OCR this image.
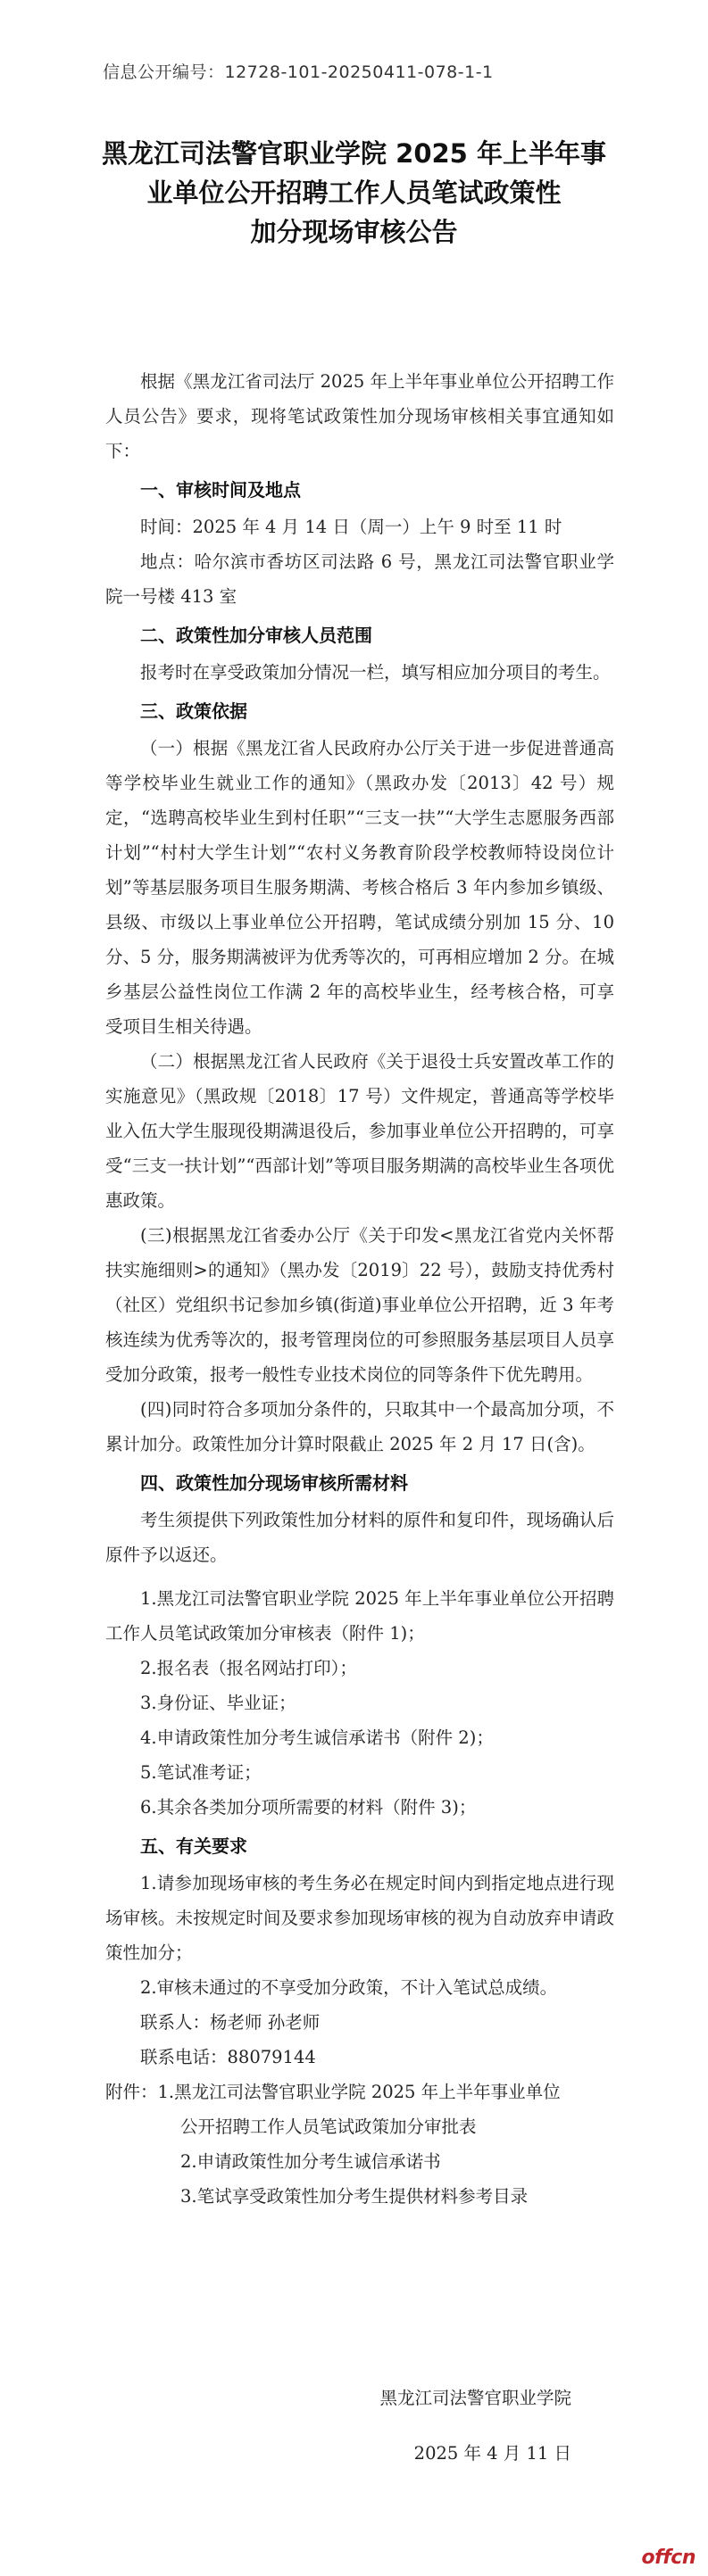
信息公开编号：12728-101-20250411-078-1-1
黑龙江司法警官职业学院 2025 年上半年事
业单位公开招聘工作人员笔试政策性
加分现场审核公告

根据《黑龙江省司法厅 2025 年上半年事业单位公开招聘工作人员公告》要求，现将笔试政策性加分现场审核相关事宜通知如下：

一、审核时间及地点

时间：2025 年 4 月 14 日（周一）上午 9 时至 11 时

地点：哈尔滨市香坊区司法路 6 号，黑龙江司法警官职业学院一号楼 413 室

二、政策性加分审核人员范围

报考时在享受政策加分情况一栏，填写相应加分项目的考生。

三、政策依据

（一）根据《黑龙江省人民政府办公厅关于进一步促进普通高等学校毕业生就业工作的通知》（黑政办发〔2013〕42 号）规定，“选聘高校毕业生到村任职”“三支一扶”“大学生志愿服务西部计划”“村村大学生计划”“农村义务教育阶段学校教师特设岗位计划”等基层服务项目生服务期满、考核合格后 3 年内参加乡镇级、县级、市级以上事业单位公开招聘，笔试成绩分别加 15 分、10 分、5 分，服务期满被评为优秀等次的，可再相应增加 2 分。在城乡基层公益性岗位工作满 2 年的高校毕业生，经考核合格，可享受项目生相关待遇。

（二）根据黑龙江省人民政府《关于退役士兵安置改革工作的实施意见》（黑政规〔2018〕17 号）文件规定，普通高等学校毕业入伍大学生服现役期满退役后，参加事业单位公开招聘的，可享受“三支一扶计划”“西部计划”等项目服务期满的高校毕业生各项优惠政策。

(三)根据黑龙江省委办公厅《关于印发<黑龙江省党内关怀帮扶实施细则>的通知》（黑办发〔2019〕22 号），鼓励支持优秀村（社区）党组织书记参加乡镇(街道)事业单位公开招聘，近 3 年考核连续为优秀等次的，报考管理岗位的可参照服务基层项目人员享受加分政策，报考一般性专业技术岗位的同等条件下优先聘用。

(四)同时符合多项加分条件的，只取其中一个最高加分项，不累计加分。政策性加分计算时限截止 2025 年 2 月 17 日(含)。

四、政策性加分现场审核所需材料

考生须提供下列政策性加分材料的原件和复印件，现场确认后原件予以返还。

1.黑龙江司法警官职业学院 2025 年上半年事业单位公开招聘工作人员笔试政策加分审核表（附件 1)；

2.报名表（报名网站打印）；

3.身份证、毕业证；

4.申请政策性加分考生诚信承诺书（附件 2)；

5.笔试准考证；

6.其余各类加分项所需要的材料（附件 3)；

五、有关要求

1.请参加现场审核的考生务必在规定时间内到指定地点进行现场审核。未按规定时间及要求参加现场审核的视为自动放弃申请政策性加分；

2.审核未通过的不享受加分政策，不计入笔试总成绩。

联系人：杨老师 孙老师

联系电话：88079144

附件： 1.黑龙江司法警官职业学院 2025 年上半年事业单位

公开招聘工作人员笔试政策加分审批表

2.申请政策性加分考生诚信承诺书

3.笔试享受政策性加分考生提供材料参考目录

黑龙江司法警官职业学院
2025 年 4 月 11 日
offcn
